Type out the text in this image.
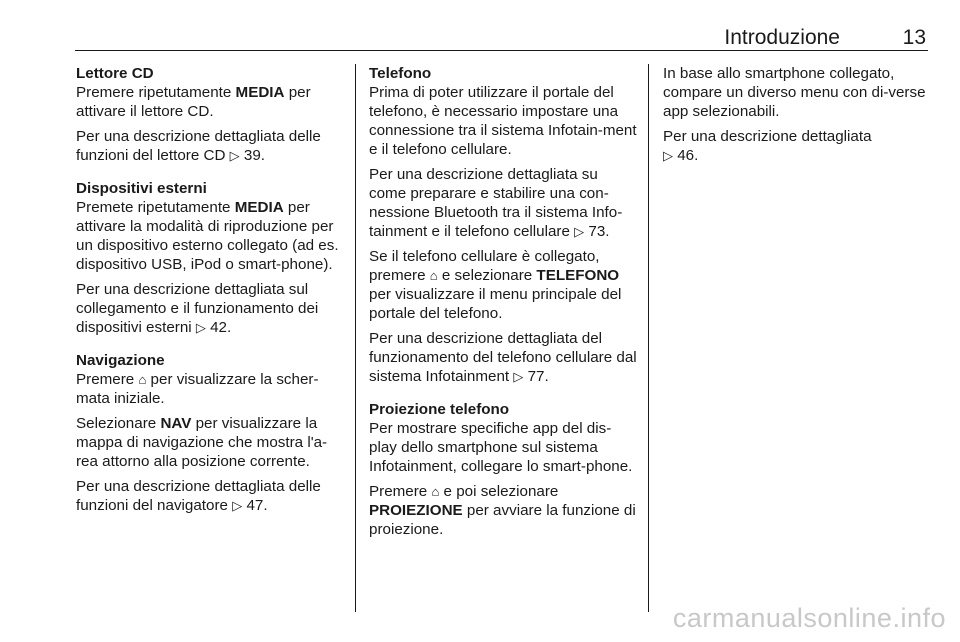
Introduzione	13
Lettore CD

Premere ripetutamente MEDIA per attivare il lettore CD.

Per una descrizione dettagliata delle funzioni del lettore CD ▷ 39.

Dispositivi esterni

Premete ripetutamente MEDIA per attivare la modalità di riproduzione per un dispositivo esterno collegato (ad es. dispositivo USB, iPod o smart-phone).

Per una descrizione dettagliata sul collegamento e il funzionamento dei dispositivi esterni ▷ 42.

Navigazione

Premere ⌂ per visualizzare la scher-mata iniziale.

Selezionare NAV per visualizzare la mappa di navigazione che mostra l'a-rea attorno alla posizione corrente.

Per una descrizione dettagliata delle funzioni del navigatore ▷ 47.

Telefono

Prima di poter utilizzare il portale del telefono, è necessario impostare una connessione tra il sistema Infotain-ment e il telefono cellulare.

Per una descrizione dettagliata su come preparare e stabilire una con-nessione Bluetooth tra il sistema Info-tainment e il telefono cellulare ▷ 73.

Se il telefono cellulare è collegato, premere ⌂ e selezionare TELEFONO per visualizzare il menu principale del portale del telefono.

Per una descrizione dettagliata del funzionamento del telefono cellulare dal sistema Infotainment ▷ 77.

Proiezione telefono

Per mostrare specifiche app del dis-play dello smartphone sul sistema Infotainment, collegare lo smart-phone.

Premere ⌂ e poi selezionare PROIEZIONE per avviare la funzione di proiezione.

In base allo smartphone collegato, compare un diverso menu con di-verse app selezionabili.

Per una descrizione dettagliata
▷ 46.

carmanualsonline.info
